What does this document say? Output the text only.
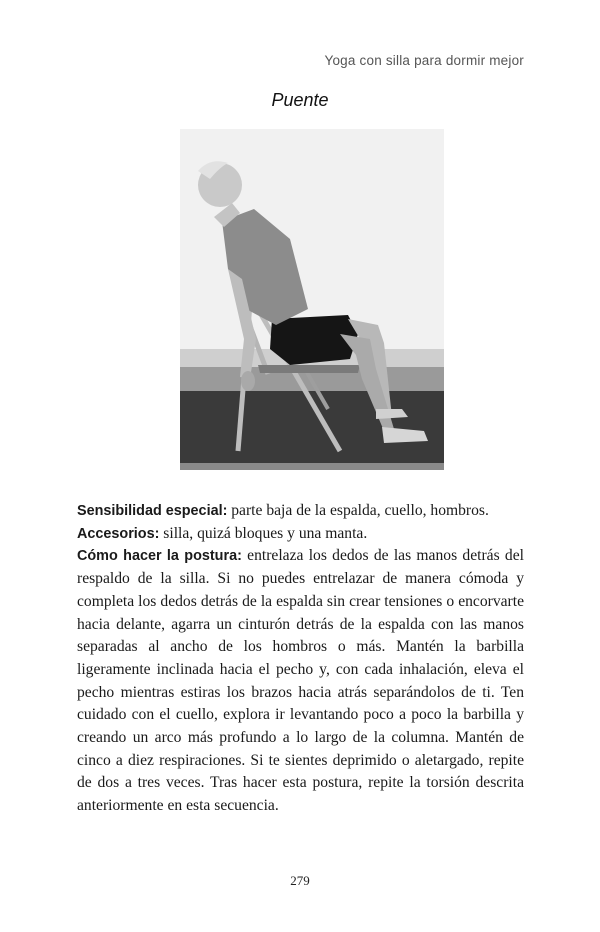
Yoga con silla para dormir mejor
Puente

Sensibilidad especial: parte baja de la espalda, cuello, hombros.

Accesorios: silla, quizá bloques y una manta.

Cómo hacer la postura: entrelaza los dedos de las manos detrás del respaldo de la silla. Si no puedes entrelazar de manera cómoda y completa los dedos detrás de la espalda sin crear tensiones o encorvarte hacia delante, agarra un cinturón detrás de la espalda con las manos separadas al ancho de los hombros o más. Mantén la barbilla ligeramente inclinada hacia el pecho y, con cada inhalación, eleva el pecho mientras estiras los brazos hacia atrás separándolos de ti. Ten cuidado con el cuello, explora ir levantando poco a poco la barbilla y creando un arco más profundo a lo largo de la columna. Mantén de cinco a diez respiraciones. Si te sientes deprimido o aletargado, repite de dos a tres veces. Tras hacer esta postura, repite la torsión descrita anteriormente en esta secuencia.

279
